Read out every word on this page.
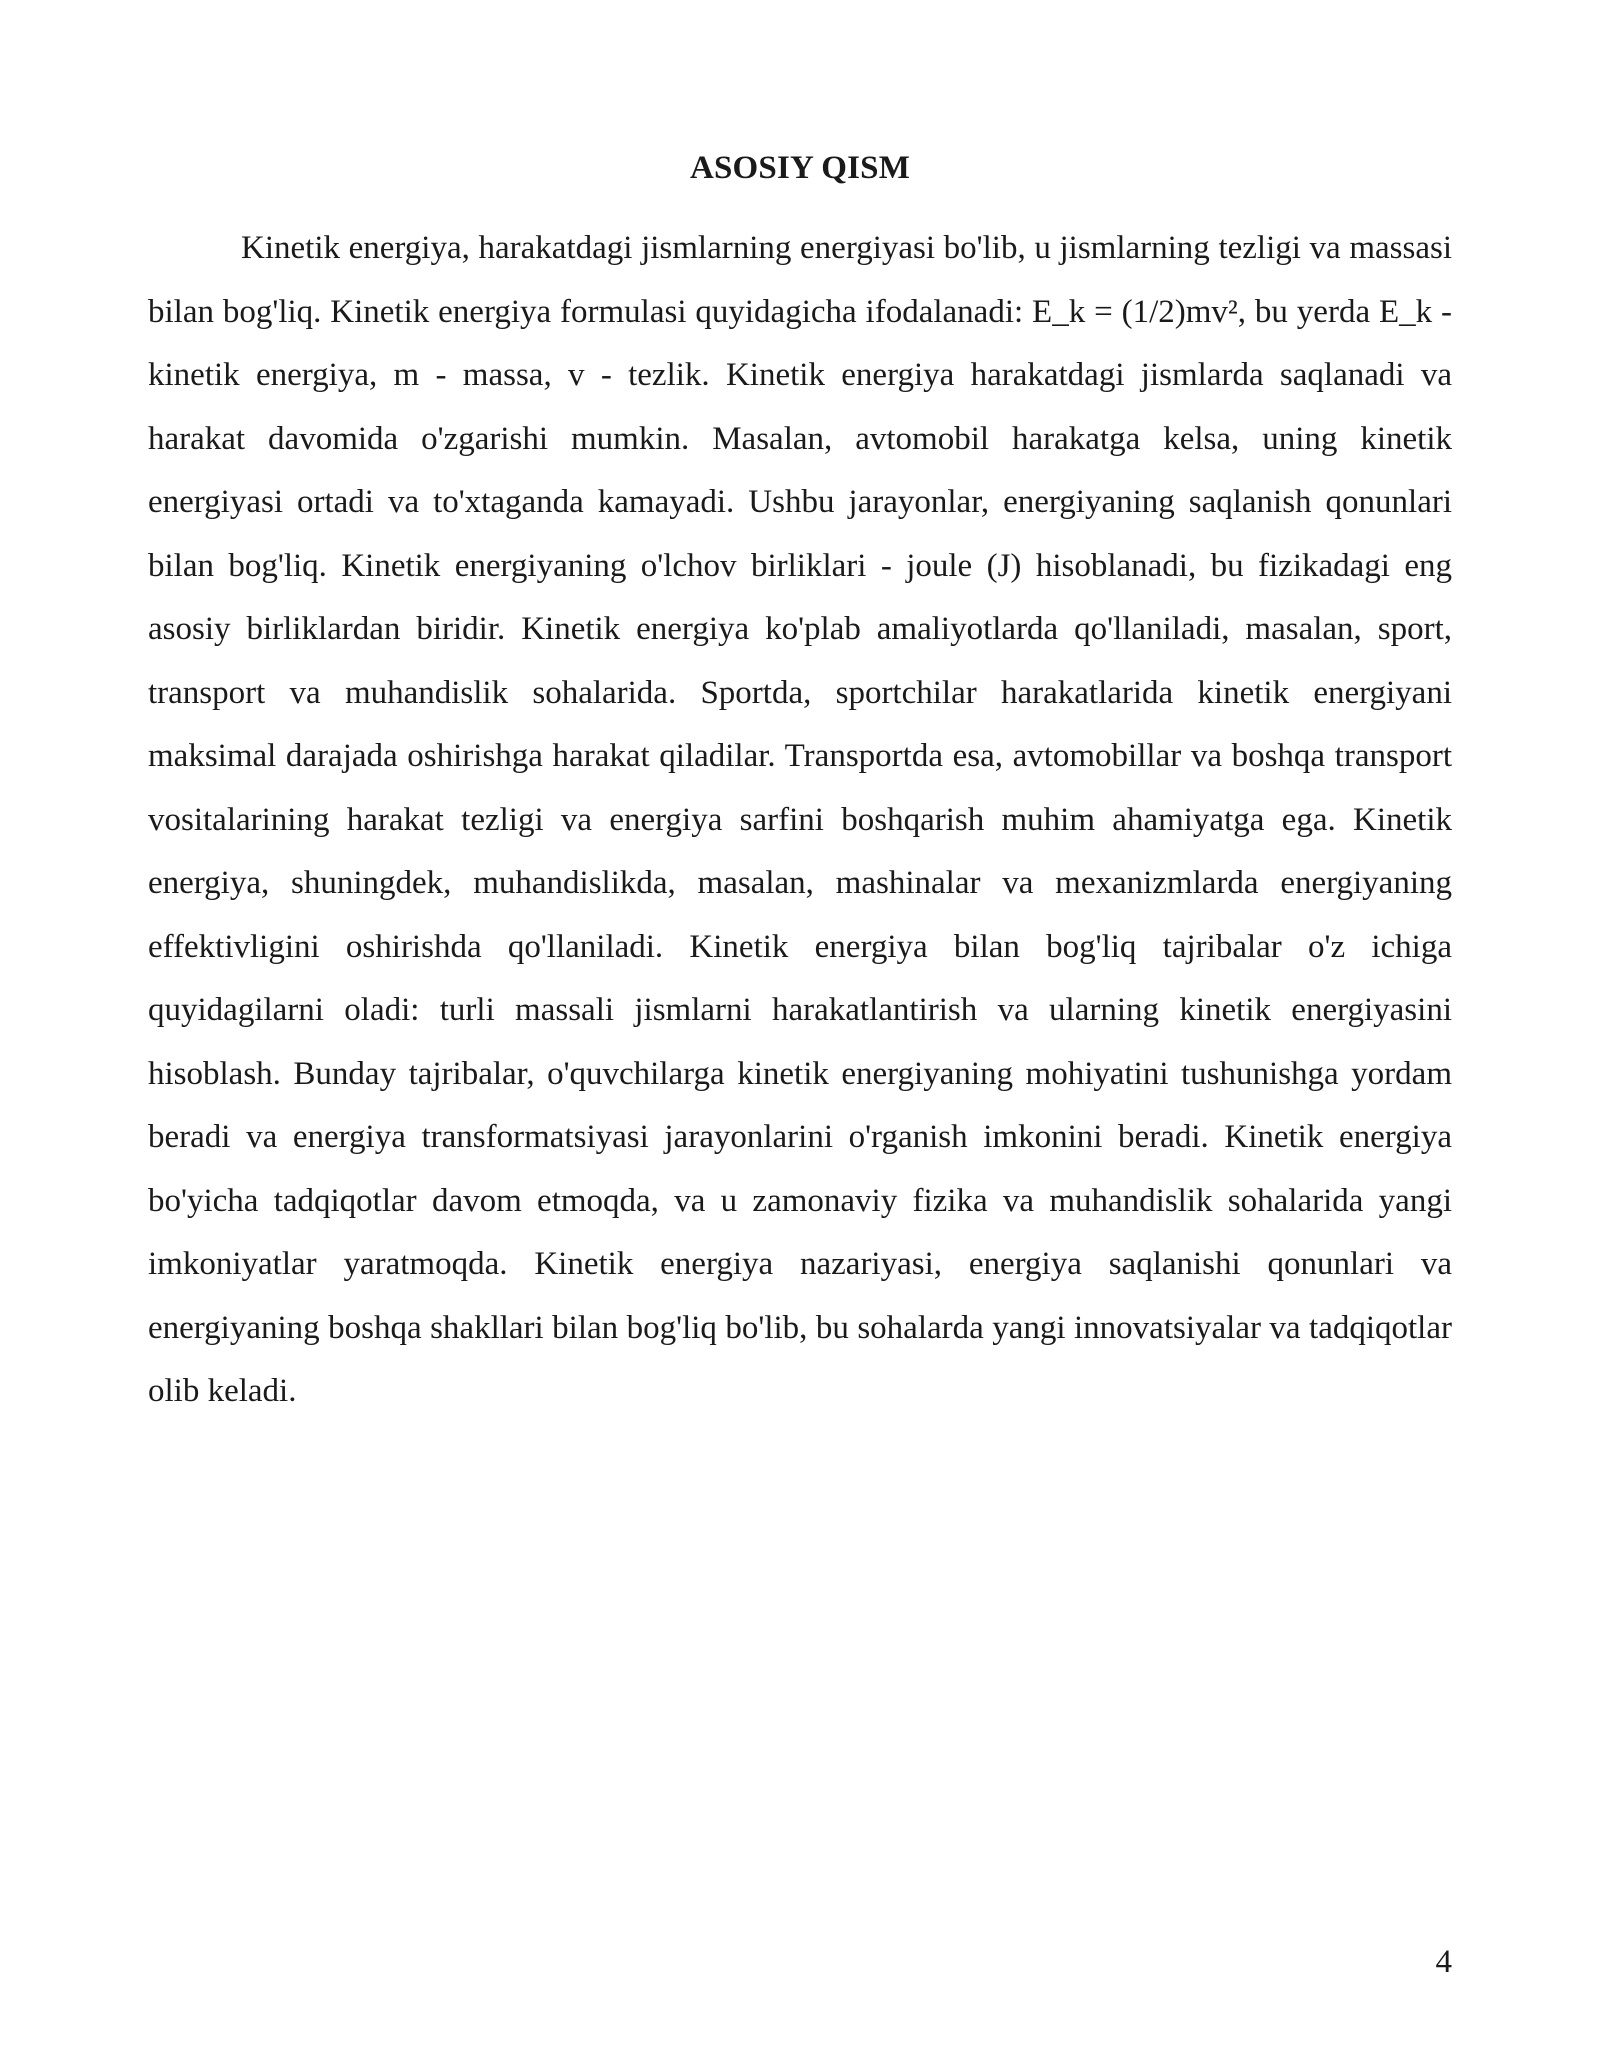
ASOSIY QISM

Kinetik energiya, harakatdagi jismlarning energiyasi bo'lib, u jismlarning tezligi va massasi bilan bog'liq. Kinetik energiya formulasi quyidagicha ifodalanadi: E_k = (1/2)mv², bu yerda E_k - kinetik energiya, m - massa, v - tezlik. Kinetik energiya harakatdagi jismlarda saqlanadi va harakat davomida o'zgarishi mumkin. Masalan, avtomobil harakatga kelsa, uning kinetik energiyasi ortadi va to'xtaganda kamayadi. Ushbu jarayonlar, energiyaning saqlanish qonunlari bilan bog'liq. Kinetik energiyaning o'lchov birliklari - joule (J) hisoblanadi, bu fizikadagi eng asosiy birliklardan biridir. Kinetik energiya ko'plab amaliyotlarda qo'llaniladi, masalan, sport, transport va muhandislik sohalarida. Sportda, sportchilar harakatlarida kinetik energiyani maksimal darajada oshirishga harakat qiladilar. Transportda esa, avtomobillar va boshqa transport vositalarining harakat tezligi va energiya sarfini boshqarish muhim ahamiyatga ega. Kinetik energiya, shuningdek, muhandislikda, masalan, mashinalar va mexanizmlarda energiyaning effektivligini oshirishda qo'llaniladi. Kinetik energiya bilan bog'liq tajribalar o'z ichiga quyidagilarni oladi: turli massali jismlarni harakatlantirish va ularning kinetik energiyasini hisoblash. Bunday tajribalar, o'quvchilarga kinetik energiyaning mohiyatini tushunishga yordam beradi va energiya transformatsiyasi jarayonlarini o'rganish imkonini beradi. Kinetik energiya bo'yicha tadqiqotlar davom etmoqda, va u zamonaviy fizika va muhandislik sohalarida yangi imkoniyatlar yaratmoqda. Kinetik energiya nazariyasi, energiya saqlanishi qonunlari va energiyaning boshqa shakllari bilan bog'liq bo'lib, bu sohalarda yangi innovatsiyalar va tadqiqotlar olib keladi.

4
